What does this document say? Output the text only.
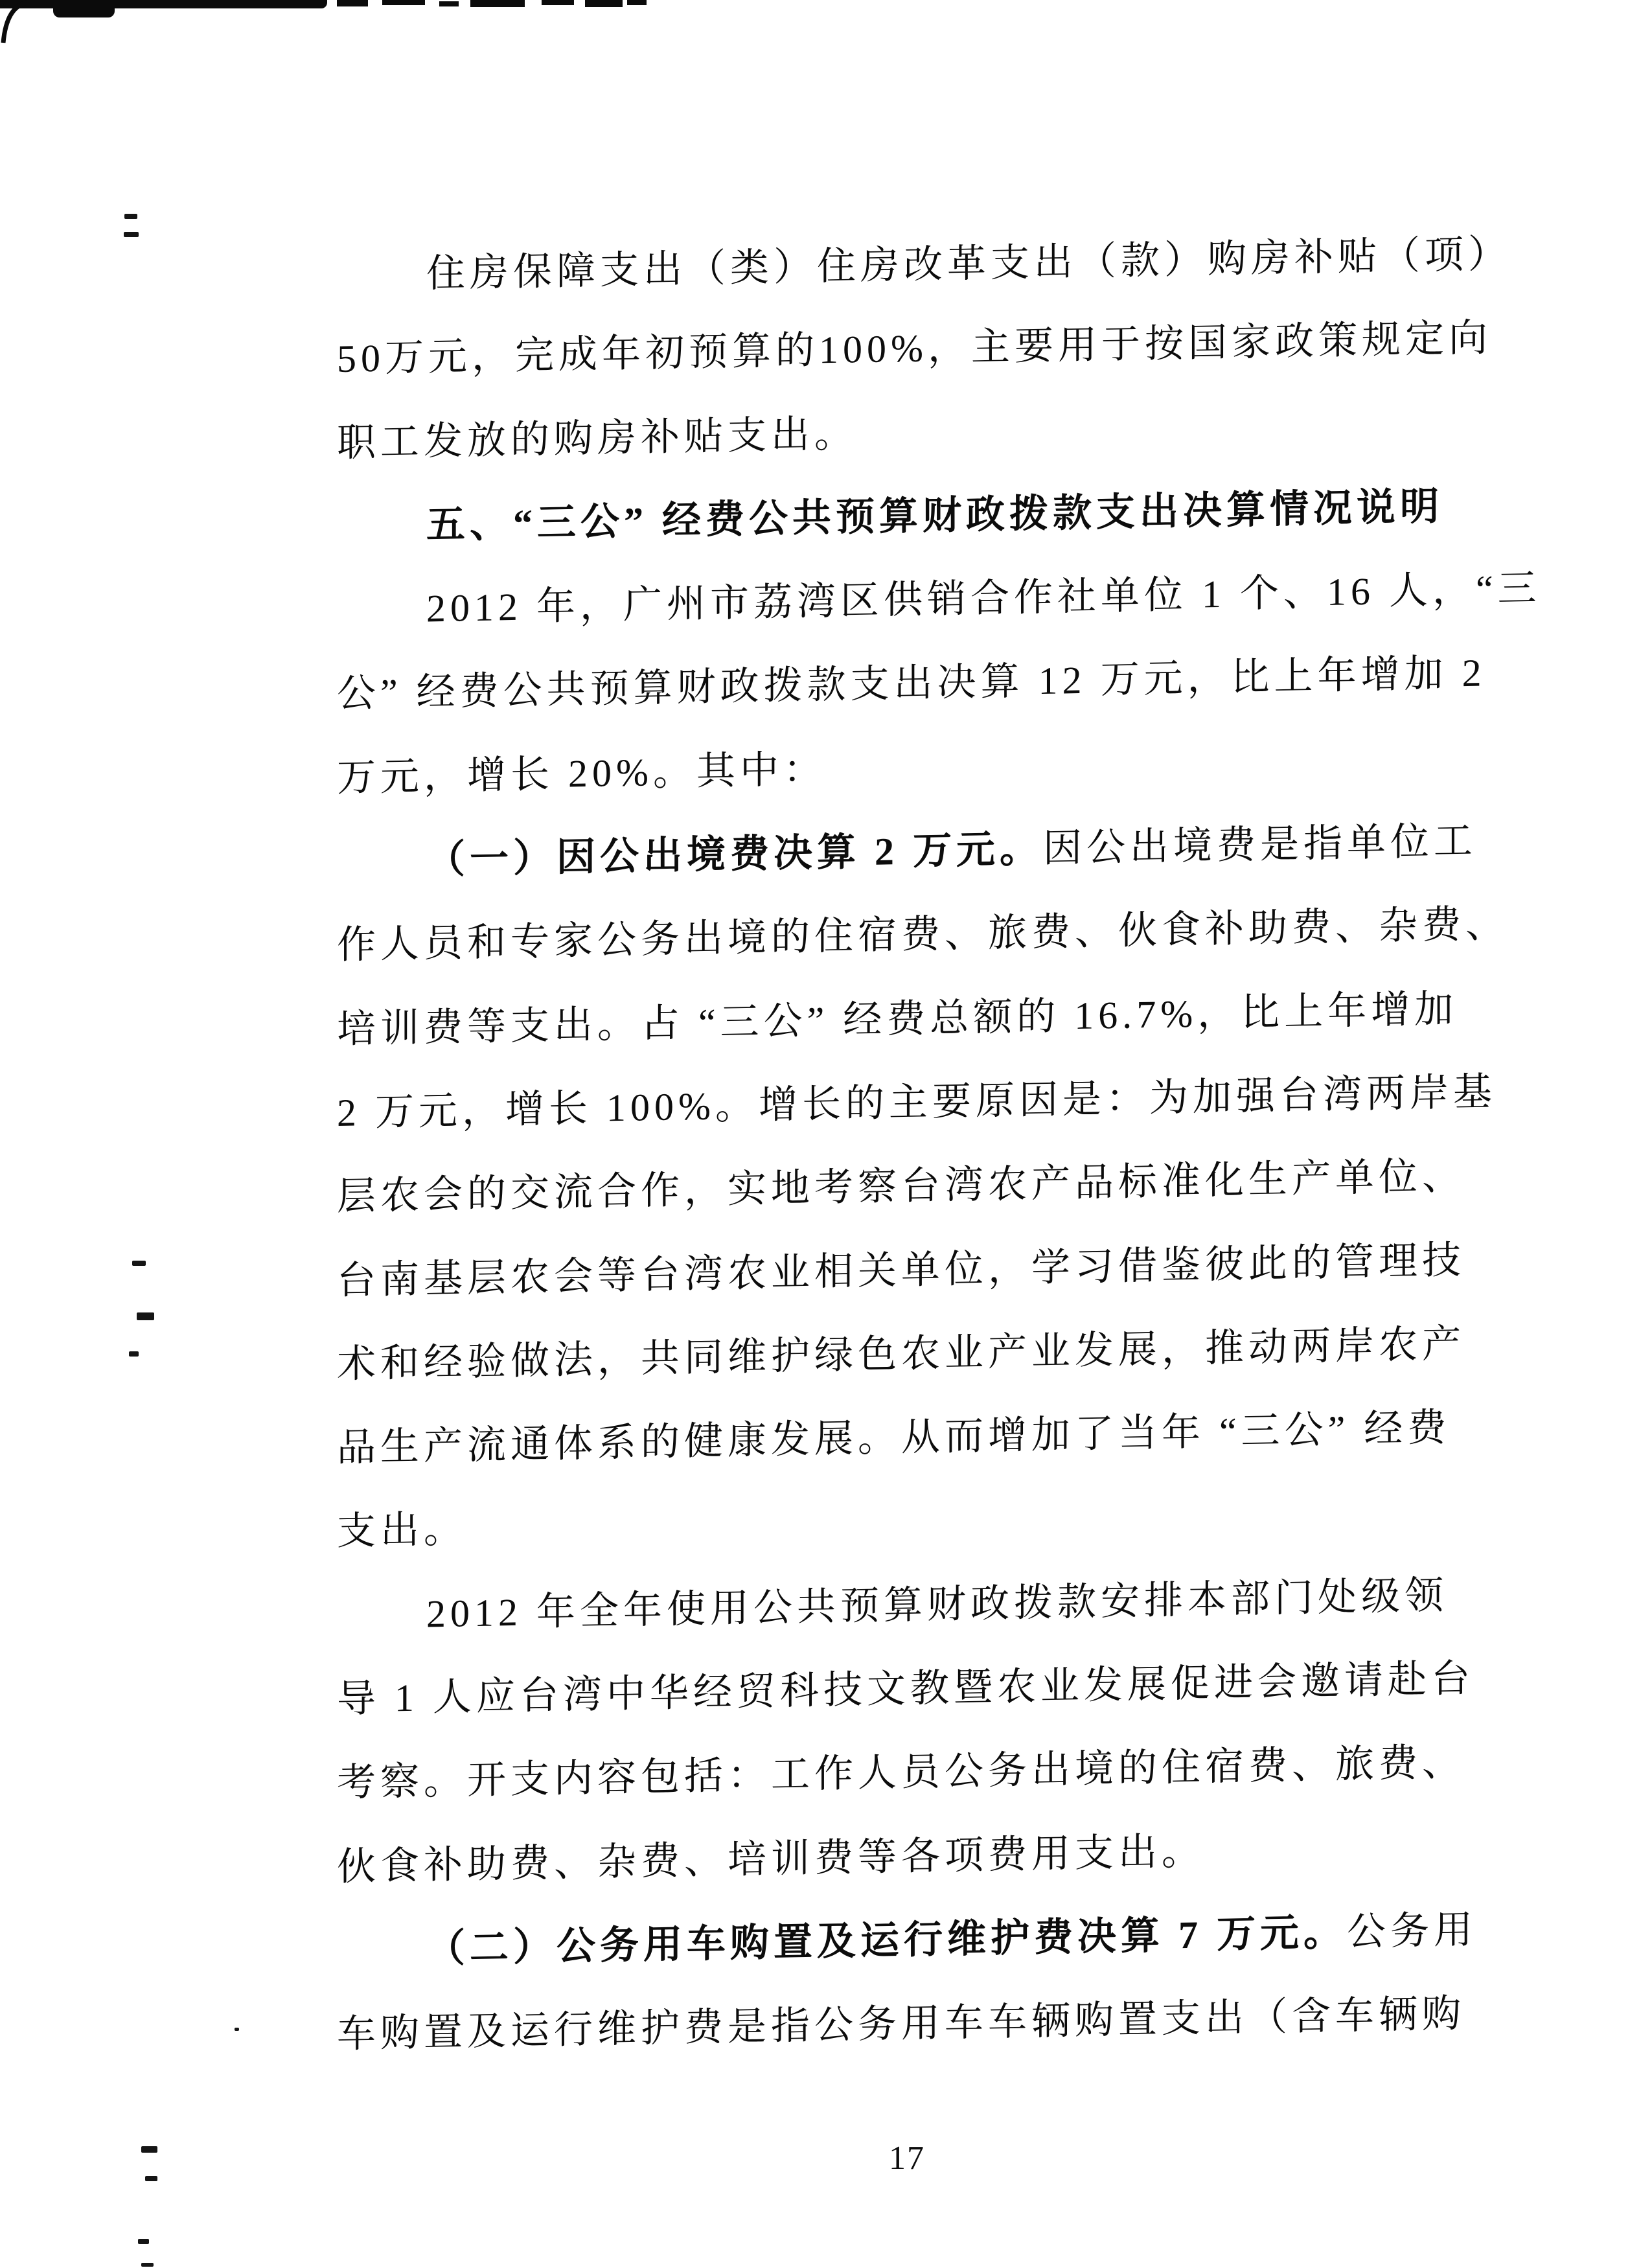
住房保障支出（类）住房改革支出（款）购房补贴（项）
50万元，完成年初预算的100%，主要用于按国家政策规定向
职工发放的购房补贴支出。
五、“三公” 经费公共预算财政拨款支出决算情况说明
2012 年，广州市荔湾区供销合作社单位 1 个、16 人，“三
公” 经费公共预算财政拨款支出决算 12 万元，比上年增加 2
万元，增长 20%。其中：
（一）因公出境费决算 2 万元。因公出境费是指单位工
作人员和专家公务出境的住宿费、旅费、伙食补助费、杂费、
培训费等支出。占 “三公” 经费总额的 16.7%，比上年增加
2 万元，增长 100%。增长的主要原因是：为加强台湾两岸基
层农会的交流合作，实地考察台湾农产品标准化生产单位、
台南基层农会等台湾农业相关单位，学习借鉴彼此的管理技
术和经验做法，共同维护绿色农业产业发展，推动两岸农产
品生产流通体系的健康发展。从而增加了当年 “三公” 经费
支出。
2012 年全年使用公共预算财政拨款安排本部门处级领
导 1 人应台湾中华经贸科技文教暨农业发展促进会邀请赴台
考察。开支内容包括：工作人员公务出境的住宿费、旅费、
伙食补助费、杂费、培训费等各项费用支出。
（二）公务用车购置及运行维护费决算 7 万元。公务用
车购置及运行维护费是指公务用车车辆购置支出（含车辆购
17
